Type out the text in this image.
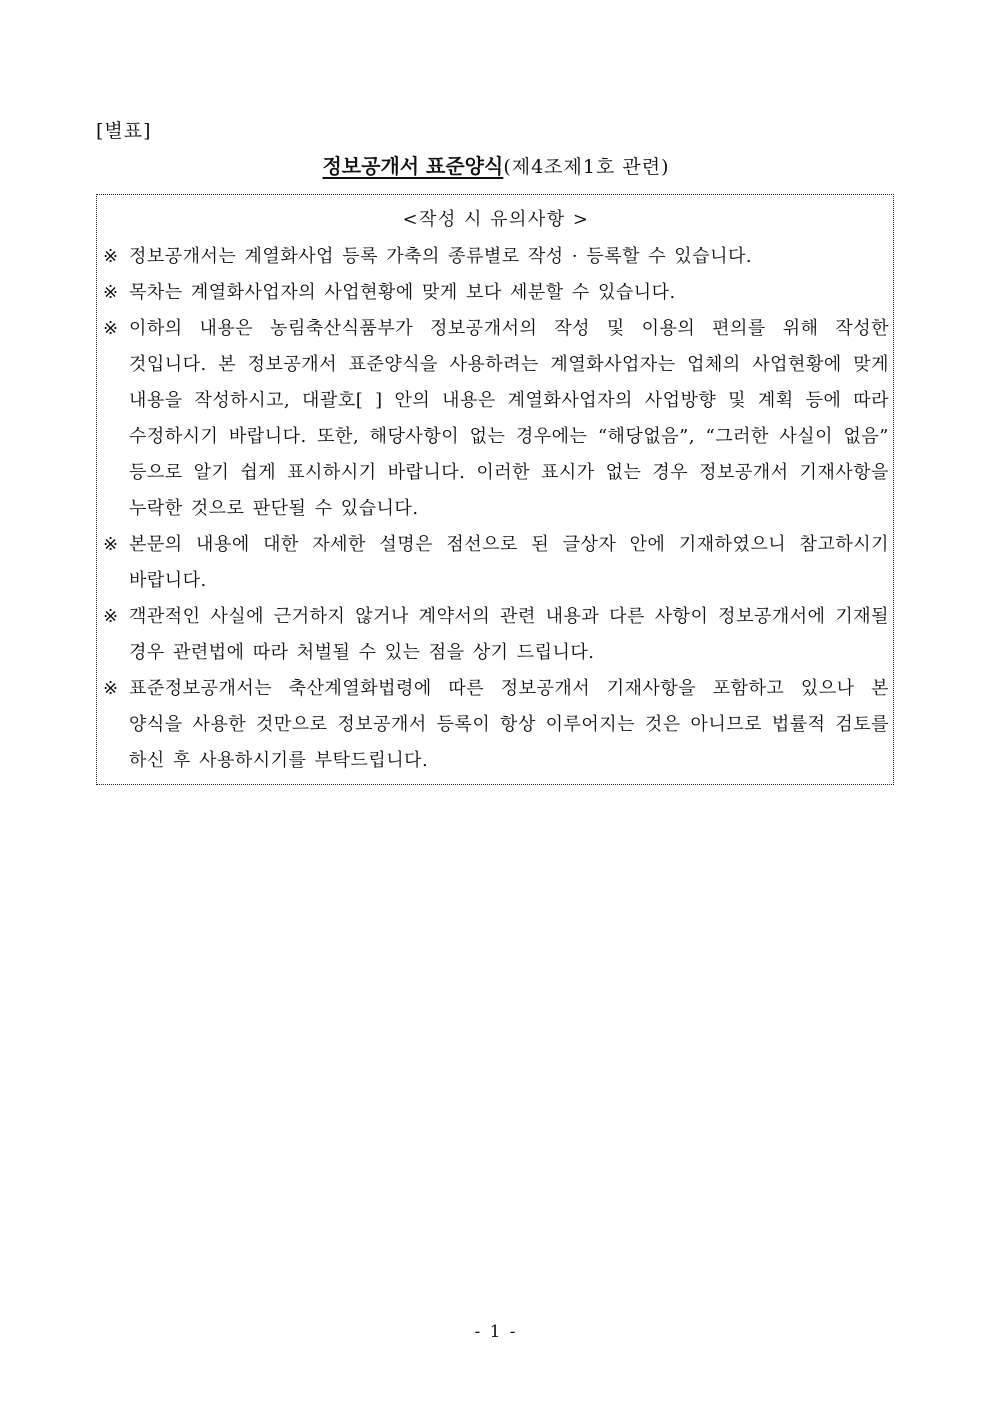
[별표]
정보공개서 표준양식(제4조제1호 관련)
<작성 시 유의사항 >
※ 정보공개서는 계열화사업 등록 가축의 종류별로 작성 · 등록할 수 있습니다.
※ 목차는 계열화사업자의 사업현황에 맞게 보다 세분할 수 있습니다.
※ 이하의 내용은 농림축산식품부가 정보공개서의 작성 및 이용의 편의를 위해 작성한 것입니다. 본 정보공개서 표준양식을 사용하려는 계열화사업자는 업체의 사업현황에 맞게 내용을 작성하시고, 대괄호[ ] 안의 내용은 계열화사업자의 사업방향 및 계획 등에 따라 수정하시기 바랍니다. 또한, 해당사항이 없는 경우에는 “해당없음”, “그러한 사실이 없음” 등으로 알기 쉽게 표시하시기 바랍니다. 이러한 표시가 없는 경우 정보공개서 기재사항을 누락한 것으로 판단될 수 있습니다.
※ 본문의 내용에 대한 자세한 설명은 점선으로 된 글상자 안에 기재하였으니 참고하시기 바랍니다.
※ 객관적인 사실에 근거하지 않거나 계약서의 관련 내용과 다른 사항이 정보공개서에 기재될 경우 관련법에 따라 처벌될 수 있는 점을 상기 드립니다.
※ 표준정보공개서는 축산계열화법령에 따른 정보공개서 기재사항을 포함하고 있으나 본 양식을 사용한 것만으로 정보공개서 등록이 항상 이루어지는 것은 아니므로 법률적 검토를 하신 후 사용하시기를 부탁드립니다.
- 1 -
